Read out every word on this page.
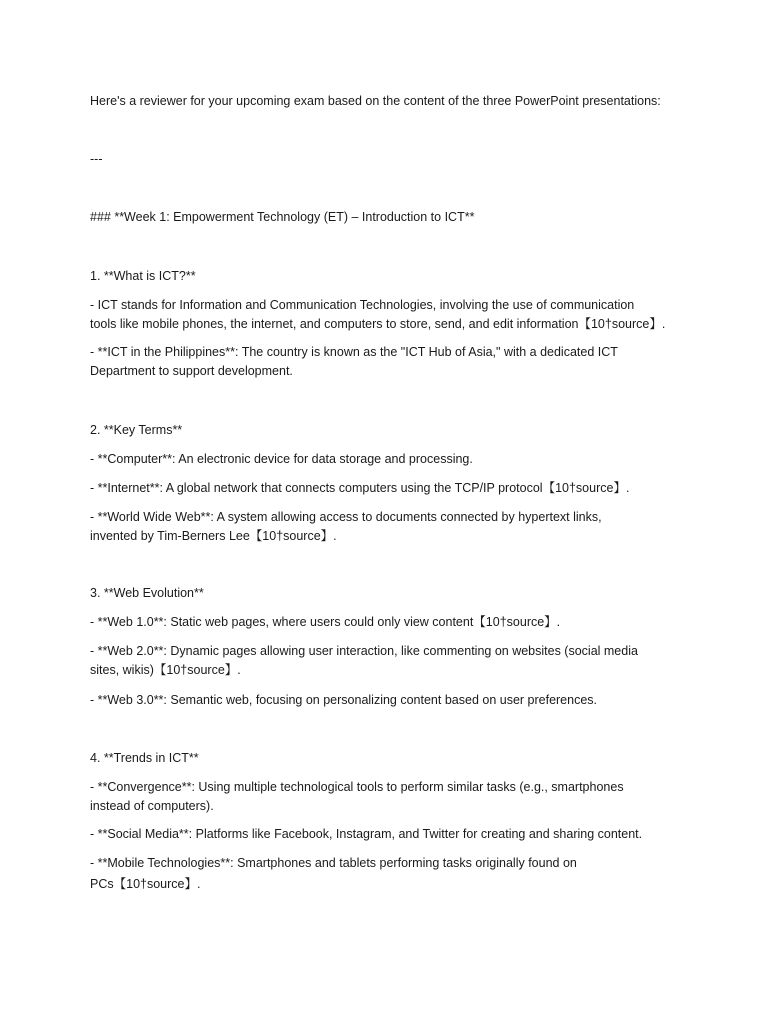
Here's a reviewer for your upcoming exam based on the content of the three PowerPoint presentations:
---
### **Week 1: Empowerment Technology (ET) – Introduction to ICT**
1. **What is ICT?**
- ICT stands for Information and Communication Technologies, involving the use of communication
tools like mobile phones, the internet, and computers to store, send, and edit information【10†source】.
- **ICT in the Philippines**: The country is known as the "ICT Hub of Asia," with a dedicated ICT
Department to support development.
2. **Key Terms**
- **Computer**: An electronic device for data storage and processing.
- **Internet**: A global network that connects computers using the TCP/IP protocol【10†source】.
- **World Wide Web**: A system allowing access to documents connected by hypertext links,
invented by Tim-Berners Lee【10†source】.
3. **Web Evolution**
- **Web 1.0**: Static web pages, where users could only view content【10†source】.
- **Web 2.0**: Dynamic pages allowing user interaction, like commenting on websites (social media
sites, wikis)【10†source】.
- **Web 3.0**: Semantic web, focusing on personalizing content based on user preferences.
4. **Trends in ICT**
- **Convergence**: Using multiple technological tools to perform similar tasks (e.g., smartphones
instead of computers).
- **Social Media**: Platforms like Facebook, Instagram, and Twitter for creating and sharing content.
- **Mobile Technologies**: Smartphones and tablets performing tasks originally found on
PCs【10†source】.
